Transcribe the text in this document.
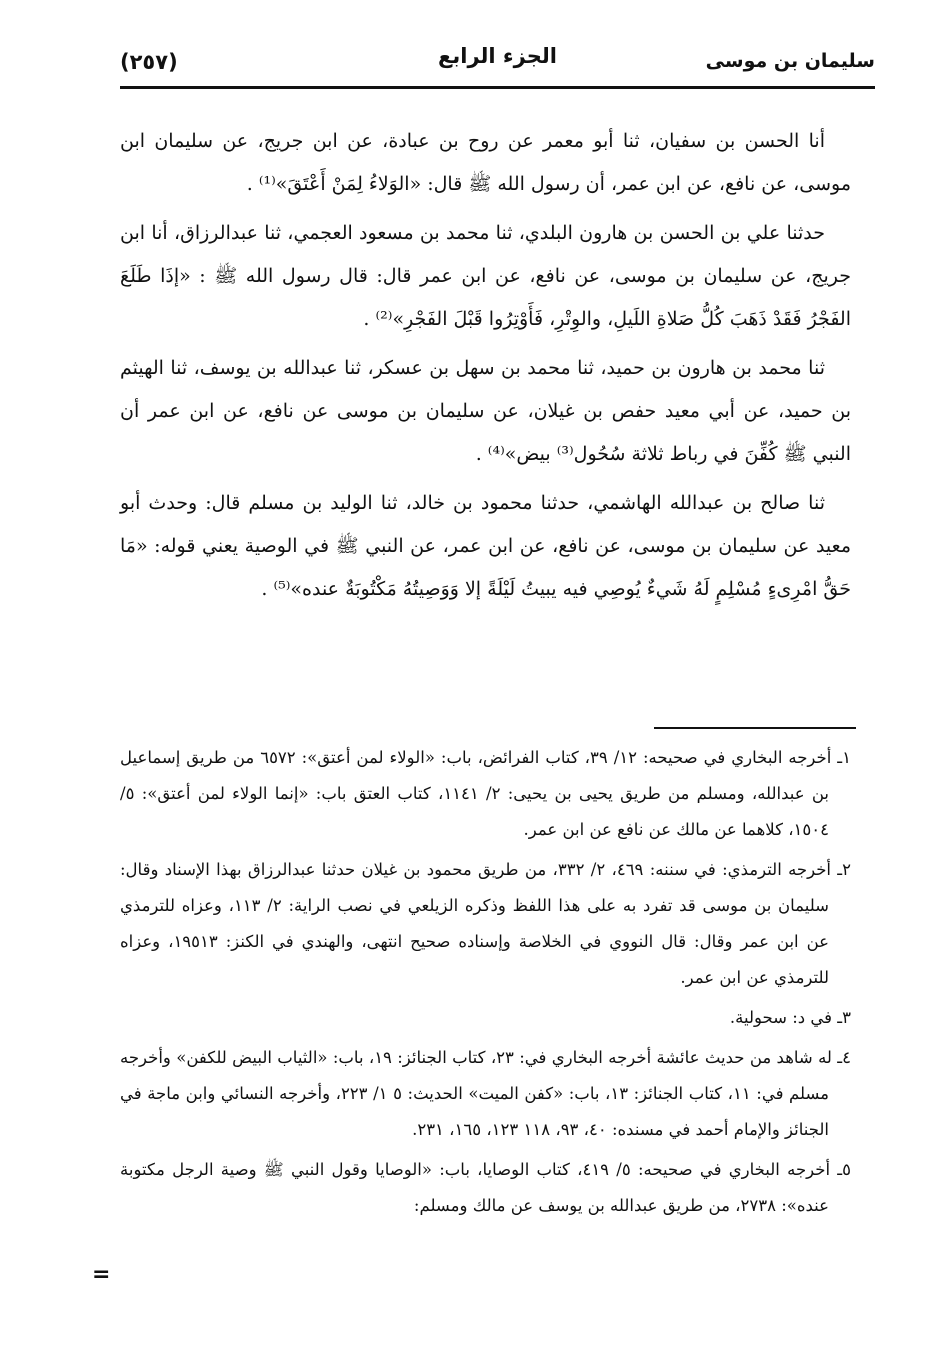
سليمان بن موسى
الجزء الرابع
(٢٥٧)

أنا الحسن بن سفيان، ثنا أبو معمر عن روح بن عبادة، عن ابن جريج، عن سليمان ابن موسى، عن نافع، عن ابن عمر، أن رسول الله ﷺ قال: «الوَلاءُ لِمَنْ أَعْتَقَ»⁽¹⁾ .

حدثنا علي بن الحسن بن هارون البلدي، ثنا محمد بن مسعود العجمي، ثنا عبدالرزاق، أنا ابن جريج، عن سليمان بن موسى، عن نافع، عن ابن عمر قال: قال رسول الله ﷺ : «إذَا طَلَعَ الفَجْرُ فَقَدْ ذَهَبَ كُلُّ صَلاةِ اللَيلِ، والوِتْرِ، فَأَوْتِرُوا قَبْلَ الفَجْرِ»⁽²⁾ .

ثنا محمد بن هارون بن حميد، ثنا محمد بن سهل بن عسكر، ثنا عبدالله بن يوسف، ثنا الهيثم بن حميد، عن أبي معيد حفص بن غيلان، عن سليمان بن موسى عن نافع، عن ابن عمر أن النبي ﷺ كُفِّنَ في رباط ثلاثة سُحُول⁽³⁾ بيض»⁽⁴⁾ .

ثنا صالح بن عبدالله الهاشمي، حدثنا محمود بن خالد، ثنا الوليد بن مسلم قال: وحدث أبو معيد عن سليمان بن موسى، عن نافع، عن ابن عمر، عن النبي ﷺ في الوصية يعني قوله: «مَا حَقُّ امْرِىءٍ مُسْلِمٍ لَهُ شَيءٌ يُوصِي فيه يبيتُ لَيْلَةً إلا وَوَصِيتُهُ مَكْتُوبَةٌ عنده»⁽⁵⁾ .

١ـ أخرجه البخاري في صحيحه: ١٢/ ٣٩، كتاب الفرائض، باب: «الولاء لمن أعتق»: ٦٥٧٢ من طريق إسماعيل بن عبدالله، ومسلم من طريق يحيى بن يحيى: ٢/ ١١٤١، كتاب العتق باب: «إنما الولاء لمن أعتق»: ٥/ ١٥٠٤، كلاهما عن مالك عن نافع عن ابن عمر.

٢ـ أخرجه الترمذي: في سننه: ٤٦٩، ٢/ ٣٣٢، من طريق محمود بن غيلان حدثنا عبدالرزاق بهذا الإسناد وقال: سليمان بن موسى قد تفرد به على هذا اللفظ وذكره الزيلعي في نصب الراية: ٢/ ١١٣، وعزاه للترمذي عن ابن عمر وقال: قال النووي في الخلاصة وإسناده صحيح انتهى، والهندي في الكنز: ١٩٥١٣، وعزاه للترمذي عن ابن عمر.

٣ـ في د: سحولية.

٤ـ له شاهد من حديث عائشة أخرجه البخاري في: ٢٣، كتاب الجنائز: ١٩، باب: «الثياب البيض للكفن» وأخرجه مسلم في: ١١، كتاب الجنائز: ١٣، باب: «كفن الميت» الحديث: ٥ ١/ ٢٢٣، وأخرجه النسائي وابن ماجة في الجنائز والإمام أحمد في مسنده: ٤٠، ٩٣، ١١٨ ١٢٣، ١٦٥، ٢٣١.

٥ـ أخرجه البخاري في صحيحه: ٥/ ٤١٩، كتاب الوصايا، باب: «الوصايا وقول النبي ﷺ وصية الرجل مكتوبة عنده»: ٢٧٣٨، من طريق عبدالله بن يوسف عن مالك ومسلم:

=
